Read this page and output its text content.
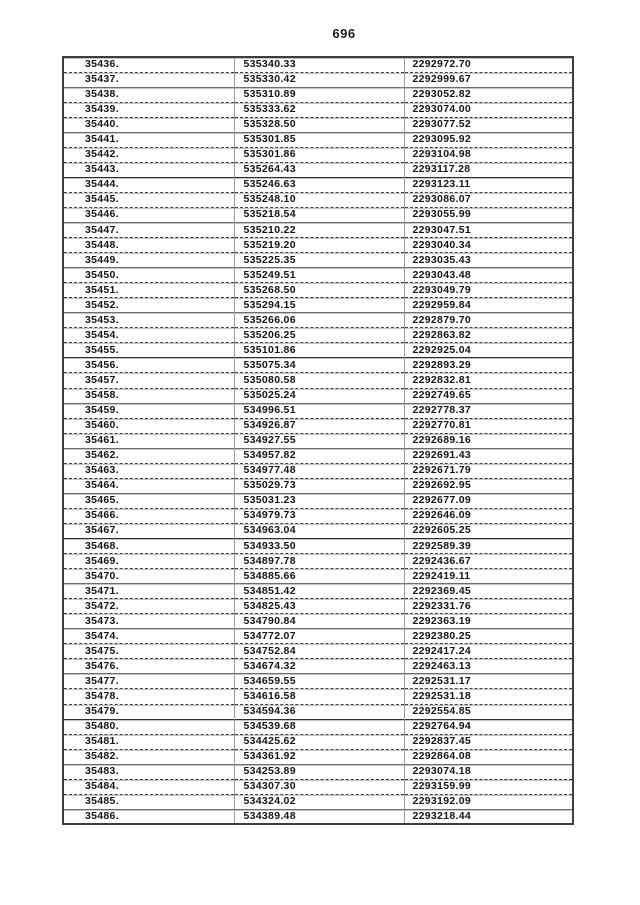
696
35436.	535340.33	2292972.70
35437.	535330.42	2292999.67
35438.	535310.89	2293052.82
35439.	535333.62	2293074.00
35440.	535328.50	2293077.52
35441.	535301.85	2293095.92
35442.	535301.86	2293104.98
35443.	535264.43	2293117.28
35444.	535246.63	2293123.11
35445.	535248.10	2293086.07
35446.	535218.54	2293055.99
35447.	535210.22	2293047.51
35448.	535219.20	2293040.34
35449.	535225.35	2293035.43
35450.	535249.51	2293043.48
35451.	535268.50	2293049.79
35452.	535294.15	2292959.84
35453.	535266.06	2292879.70
35454.	535206.25	2292863.82
35455.	535101.86	2292925.04
35456.	535075.34	2292893.29
35457.	535080.58	2292832.81
35458.	535025.24	2292749.65
35459.	534996.51	2292778.37
35460.	534926.87	2292770.81
35461.	534927.55	2292689.16
35462.	534957.82	2292691.43
35463.	534977.48	2292671.79
35464.	535029.73	2292692.95
35465.	535031.23	2292677.09
35466.	534979.73	2292646.09
35467.	534963.04	2292605.25
35468.	534933.50	2292589.39
35469.	534897.78	2292436.67
35470.	534885.66	2292419.11
35471.	534851.42	2292369.45
35472.	534825.43	2292331.76
35473.	534790.84	2292363.19
35474.	534772.07	2292380.25
35475.	534752.84	2292417.24
35476.	534674.32	2292463.13
35477.	534659.55	2292531.17
35478.	534616.58	2292531.18
35479.	534594.36	2292554.85
35480.	534539.68	2292764.94
35481.	534425.62	2292837.45
35482.	534361.92	2292864.08
35483.	534253.89	2293074.18
35484.	534307.30	2293159.99
35485.	534324.02	2293192.09
35486.	534389.48	2293218.44
